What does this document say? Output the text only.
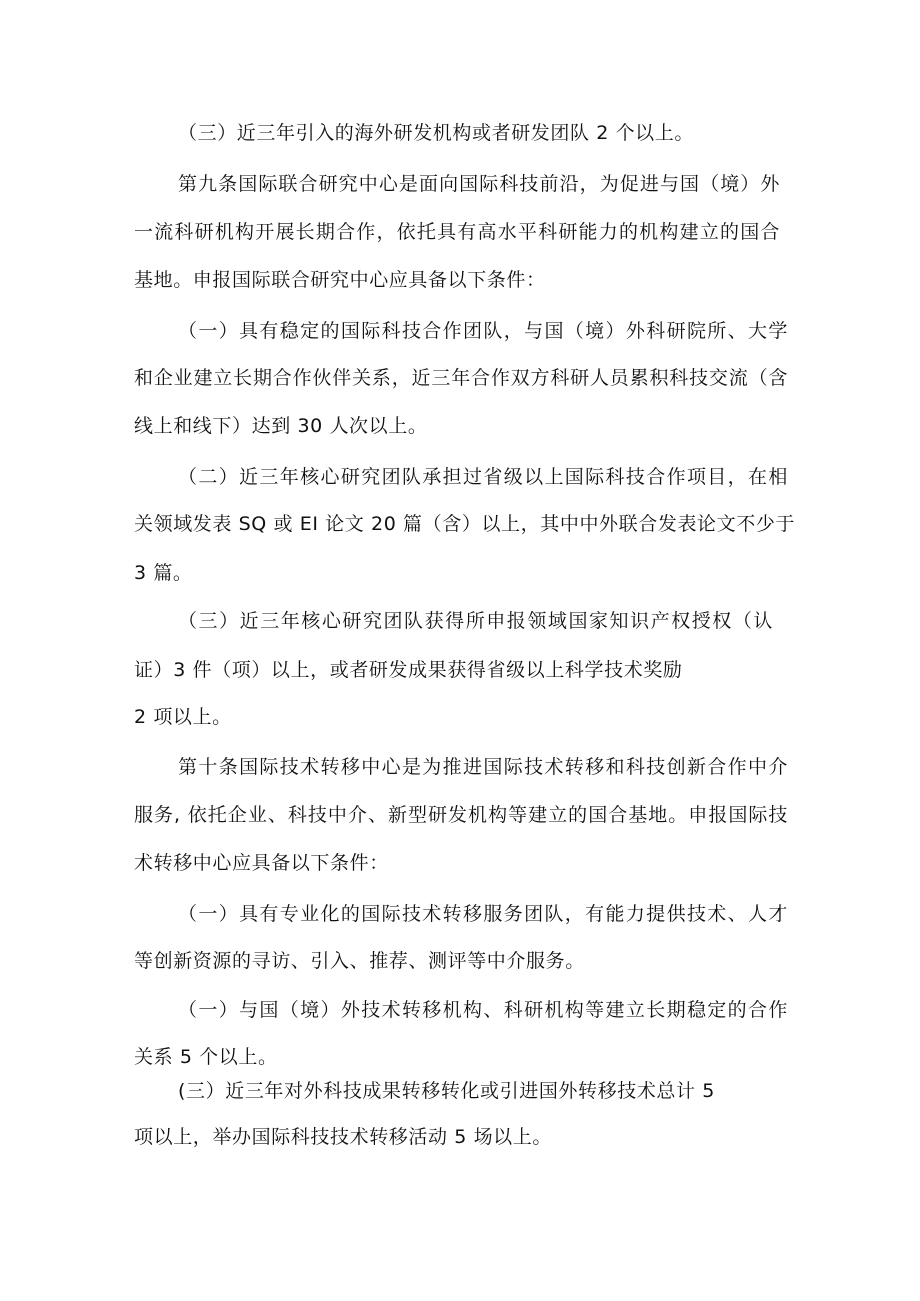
（三）近三年引入的海外研发机构或者研发团队 2 个以上。
第九条国际联合研究中心是面向国际科技前沿，为促进与国（境）外
一流科研机构开展长期合作，依托具有高水平科研能力的机构建立的国合
基地。申报国际联合研究中心应具备以下条件：
（一）具有稳定的国际科技合作团队，与国（境）外科研院所、大学
和企业建立长期合作伙伴关系，近三年合作双方科研人员累积科技交流（含
线上和线下）达到 30 人次以上。
（二）近三年核心研究团队承担过省级以上国际科技合作项目，在相
关领域发表 SQ 或 EI 论文 20 篇（含）以上，其中中外联合发表论文不少于
3 篇。
（三）近三年核心研究团队获得所申报领域国家知识产权授权（认
证）3 件（项）以上，或者研发成果获得省级以上科学技术奖励
2 项以上。
第十条国际技术转移中心是为推进国际技术转移和科技创新合作中介
服务, 依托企业、科技中介、新型研发机构等建立的国合基地。申报国际技
术转移中心应具备以下条件：
（一）具有专业化的国际技术转移服务团队，有能力提供技术、人才
等创新资源的寻访、引入、推荐、测评等中介服务。
（一）与国（境）外技术转移机构、科研机构等建立长期稳定的合作
关系 5 个以上。
(三）近三年对外科技成果转移转化或引进国外转移技术总计 5
项以上，举办国际科技技术转移活动 5 场以上。
